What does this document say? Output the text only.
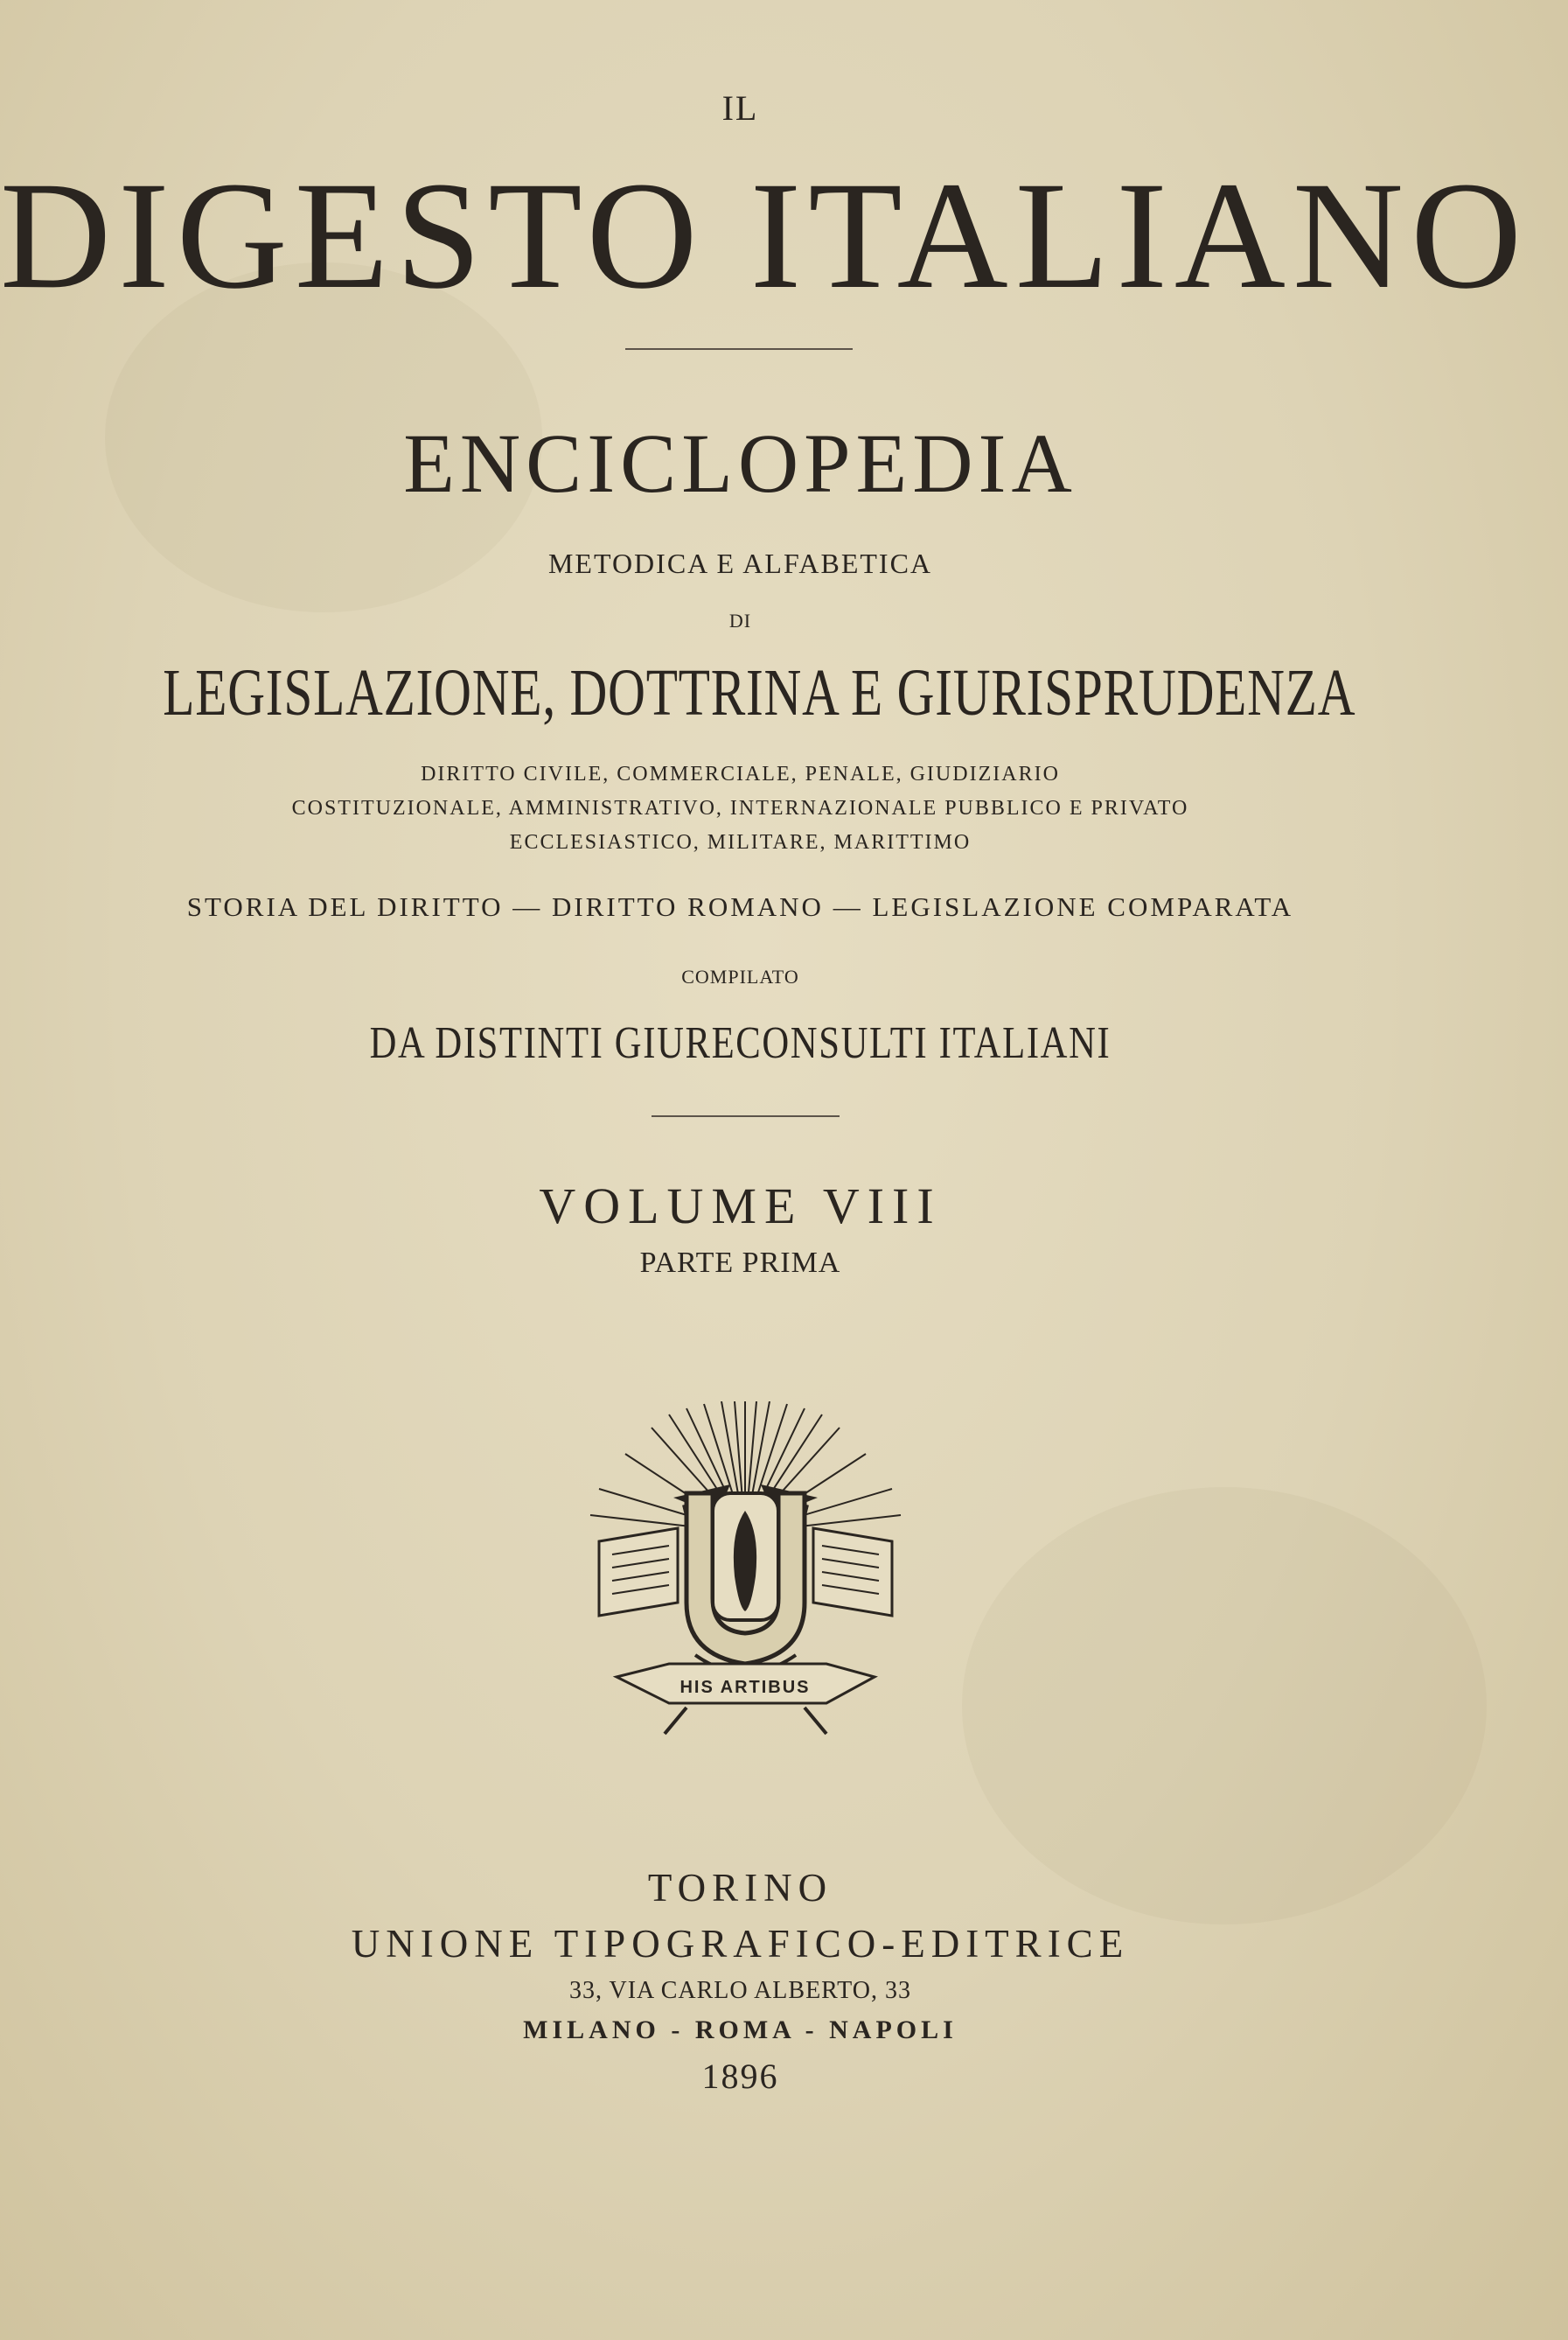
IL
DIGESTO ITALIANO
ENCICLOPEDIA
METODICA E ALFABETICA
DI
LEGISLAZIONE, DOTTRINA E GIURISPRUDENZA
DIRITTO CIVILE, COMMERCIALE, PENALE, GIUDIZIARIO
COSTITUZIONALE, AMMINISTRATIVO, INTERNAZIONALE PUBBLICO E PRIVATO
ECCLESIASTICO, MILITARE, MARITTIMO
STORIA DEL DIRITTO — DIRITTO ROMANO — LEGISLAZIONE COMPARATA
COMPILATO
DA DISTINTI GIURECONSULTI ITALIANI
VOLUME VIII
PARTE PRIMA
HIS ARTIBUS
TORINO
UNIONE TIPOGRAFICO-EDITRICE
33, VIA CARLO ALBERTO, 33
MILANO - ROMA - NAPOLI
1896
